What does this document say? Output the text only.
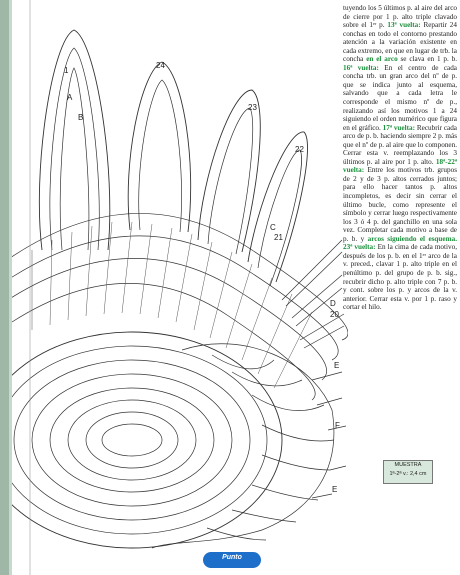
1
A
B
24
23
22
C
21
D
20
E
F
E
tuyendo los 5 últimos p. al aire del arco de cierre por 1 p. alto triple clavado sobre el 1ᵉʳ p. 13ª vuelta: Repartir 24 conchas en todo el contorno prestando atención a la variación existente en cada extremo, en que en lugar de trb. la concha en el arco se clava en 1 p. b. 16ª vuelta: En el centro de cada concha trb. un gran arco del nº de p. que se indica junto al esquema, salvando que a cada letra le corresponde el mismo nº de p., realizando así los motivos 1 a 24 siguiendo el orden numérico que figura en el gráfico. 17ª vuelta: Recubrir cada arco de p. b. haciendo siempre 2 p. más que el nº de p. al aire que lo componen. Cerrar esta v. reemplazando los 3 últimos p. al aire por 1 p. alto. 18ª-22ª vuelta: Entre los motivos trb. grupos de 2 y de 3 p. altos cerrados juntos; para ello hacer tantos p. altos incompletos, es decir sin cerrar el último bucle, como represente el símbolo y cerrar luego respectivamente los 3 ó 4 p. del ganchillo en una sola vez. Completar cada motivo a base de p. b. y arcos siguiendo el esquema. 23ª vuelta: En la cima de cada motivo, después de los p. b. en el 1ᵉʳ arco de la v. preced., clavar 1 p. alto triple en el penúltimo p. del grupo de p. b. sig., recubrir dicho p. alto triple con 7 p. b. y cont. sobre los p. y arcos de la v. anterior. Cerrar esta v. por 1 p. raso y cortar el hilo.
MUESTRA
1ª-2ª v.: 2,4 cm
Punto
